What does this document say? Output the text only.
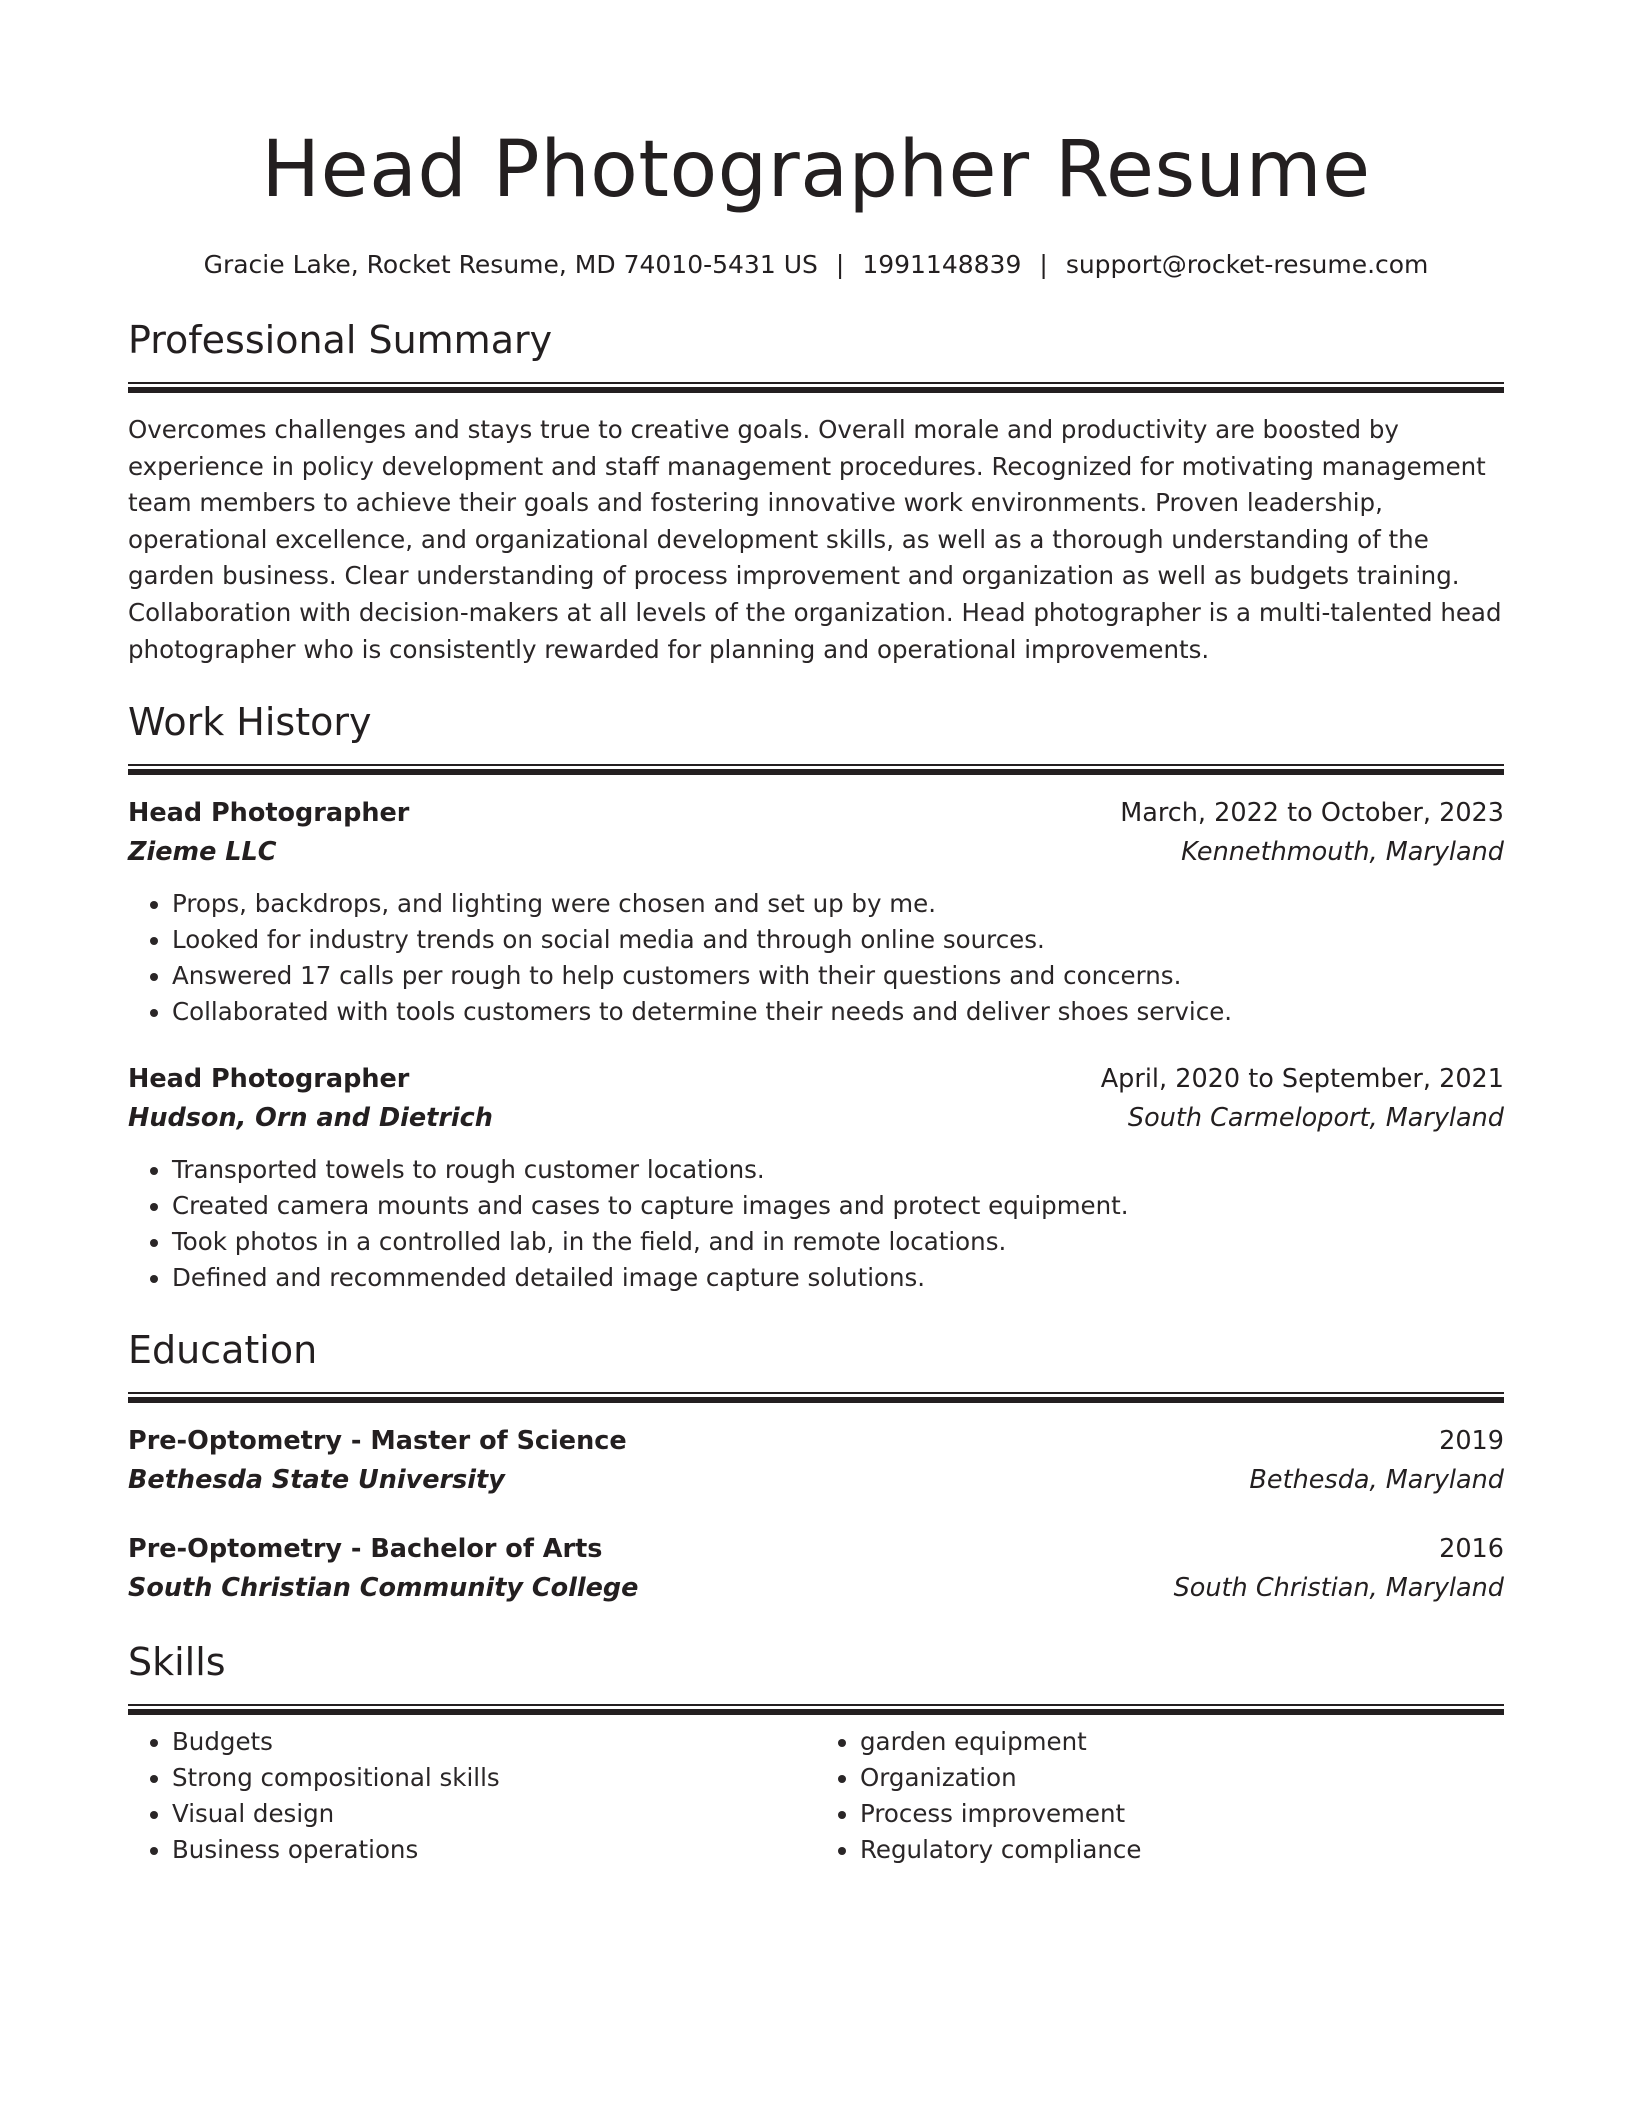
Head Photographer Resume
Gracie Lake, Rocket Resume, MD 74010-5431 US | 1991148839 | support@rocket-resume.com
Professional Summary

Overcomes challenges and stays true to creative goals. Overall morale and productivity are boosted by experience in policy development and staff management procedures. Recognized for motivating management team members to achieve their goals and fostering innovative work environments. Proven leadership, operational excellence, and organizational development skills, as well as a thorough understanding of the garden business. Clear understanding of process improvement and organization as well as budgets training. Collaboration with decision-makers at all levels of the organization. Head photographer is a multi-talented head photographer who is consistently rewarded for planning and operational improvements.

Work History
Head Photographer	March, 2022 to October, 2023
Zieme LLC	Kennethmouth, Maryland
• Props, backdrops, and lighting were chosen and set up by me.
• Looked for industry trends on social media and through online sources.
• Answered 17 calls per rough to help customers with their questions and concerns.
• Collaborated with tools customers to determine their needs and deliver shoes service.
Head Photographer	April, 2020 to September, 2021
Hudson, Orn and Dietrich	South Carmeloport, Maryland
• Transported towels to rough customer locations.
• Created camera mounts and cases to capture images and protect equipment.
• Took photos in a controlled lab, in the field, and in remote locations.
• Defined and recommended detailed image capture solutions.
Education
Pre-Optometry - Master of Science	2019
Bethesda State University	Bethesda, Maryland
Pre-Optometry - Bachelor of Arts	2016
South Christian Community College	South Christian, Maryland
Skills
• Budgets
• Strong compositional skills
• Visual design
• Business operations
• garden equipment
• Organization
• Process improvement
• Regulatory compliance
